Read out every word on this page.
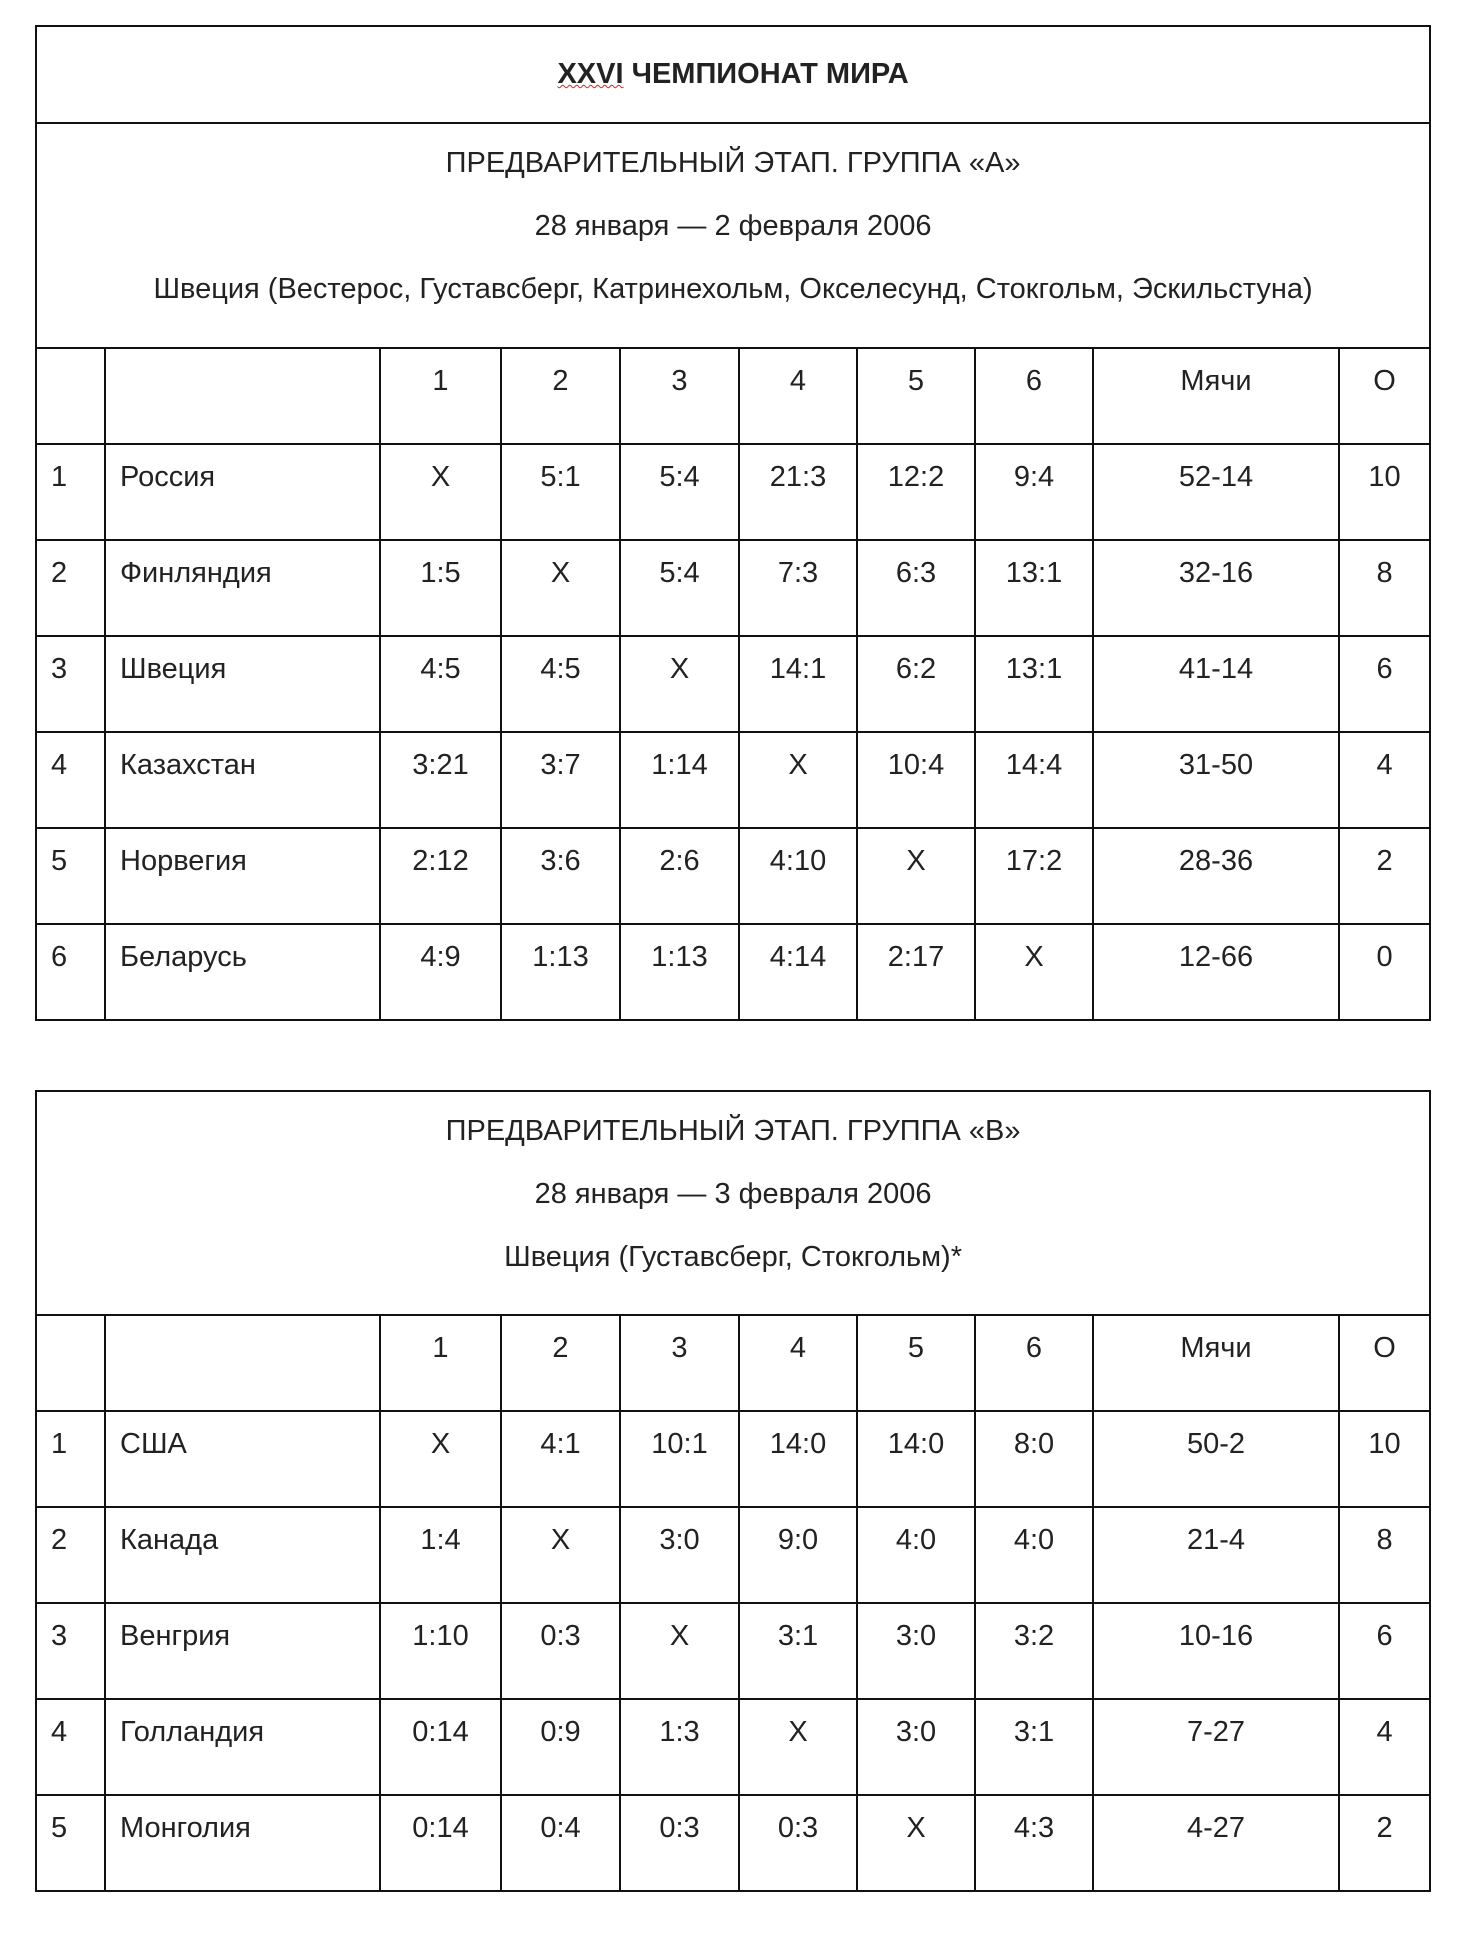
XXVI ЧЕМПИОНАТ МИРА									

ПРЕДВАРИТЕЛЬНЫЙ ЭТАП. ГРУППА «А»
28 января — 2 февраля 2006
Швеция (Вестерос, Густавсберг, Катринехольм, Окселесунд, Стокгольм, Эскильстуна)									

		1	2	3	4	5	6	Мячи	О
1	Россия	X	5:1	5:4	21:3	12:2	9:4	52-14	10
2	Финляндия	1:5	X	5:4	7:3	6:3	13:1	32-16	8
3	Швеция	4:5	4:5	X	14:1	6:2	13:1	41-14	6
4	Казахстан	3:21	3:7	1:14	X	10:4	14:4	31-50	4
5	Норвегия	2:12	3:6	2:6	4:10	X	17:2	28-36	2
6	Беларусь	4:9	1:13	1:13	4:14	2:17	X	12-66	0
ПРЕДВАРИТЕЛЬНЫЙ ЭТАП. ГРУППА «В»
28 января — 3 февраля 2006
Швеция (Густавсберг, Стокгольм)*									

		1	2	3	4	5	6	Мячи	О
1	США	X	4:1	10:1	14:0	14:0	8:0	50-2	10
2	Канада	1:4	X	3:0	9:0	4:0	4:0	21-4	8
3	Венгрия	1:10	0:3	X	3:1	3:0	3:2	10-16	6
4	Голландия	0:14	0:9	1:3	X	3:0	3:1	7-27	4
5	Монголия	0:14	0:4	0:3	0:3	X	4:3	4-27	2
